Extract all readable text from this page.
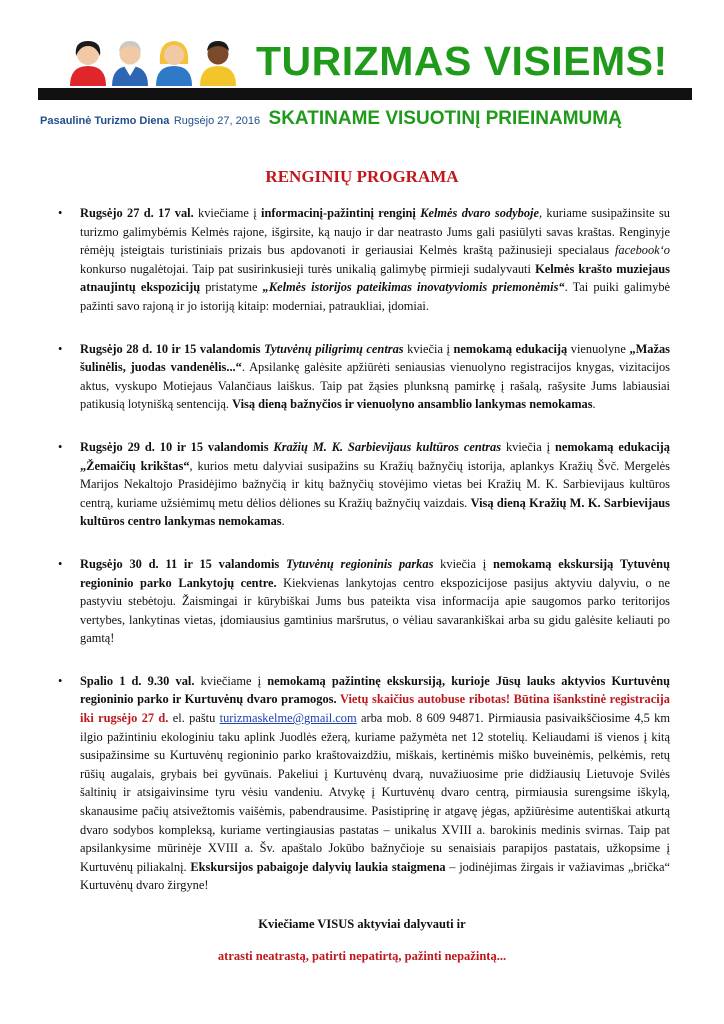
TURIZMAS VISIEMS!
Pasaulinė Turizmo Diena Rugsėjo 27, 2016 SKATINAME VISUOTINĮ PRIEINAMUMĄ
RENGINIŲ PROGRAMA
• Rugsėjo 27 d. 17 val. kviečiame į informacinį-pažintinį renginį Kelmės dvaro sodyboje, kuriame susipažinsite su turizmo galimybėmis Kelmės rajone, išgirsite, ką naujo ir dar neatrasto Jums gali pasiūlyti savas kraštas. Renginyje rėmėjų įsteigtais turistiniais prizais bus apdovanoti ir geriausiai Kelmės kraštą pažinusieji specialaus facebook‘o konkurso nugalėtojai. Taip pat susirinkusieji turės unikalią galimybę pirmieji sudalyvauti Kelmės krašto muziejaus atnaujintų ekspozicijų pristatyme „Kelmės istorijos pateikimas inovatyviomis priemonėmis“. Tai puiki galimybė pažinti savo rajoną ir jo istoriją kitaip: moderniai, patraukliai, įdomiai.
• Rugsėjo 28 d. 10 ir 15 valandomis Tytuvėnų piligrimų centras kviečia į nemokamą edukaciją vienuolyne „Mažas šulinėlis, juodas vandenėlis...“. Apsilankę galėsite apžiūrėti seniausias vienuolyno registracijos knygas, vizitacijos aktus, vyskupo Motiejaus Valančiaus laiškus. Taip pat žąsies plunksną pamirkę į rašalą, rašysite Jums labiausiai patikusią lotynišką sentenciją. Visą dieną bažnyčios ir vienuolyno ansamblio lankymas nemokamas.
• Rugsėjo 29 d. 10 ir 15 valandomis Kražių M. K. Sarbievijaus kultūros centras kviečia į nemokamą edukaciją „Žemaičių krikštas“, kurios metu dalyviai susipažins su Kražių bažnyčių istorija, aplankys Kražių Švč. Mergelės Marijos Nekaltojo Prasidėjimo bažnyčią ir kitų bažnyčių stovėjimo vietas bei Kražių M. K. Sarbievijaus kultūros centrą, kuriame užsiėmimų metu dėlios dėliones su Kražių bažnyčių vaizdais. Visą dieną Kražių M. K. Sarbievijaus kultūros centro lankymas nemokamas.
• Rugsėjo 30 d. 11 ir 15 valandomis Tytuvėnų regioninis parkas kviečia į nemokamą ekskursiją Tytuvėnų regioninio parko Lankytojų centre. Kiekvienas lankytojas centro ekspozicijose pasijus aktyviu dalyviu, o ne pastyviu stebėtoju. Žaismingai ir kūrybiškai Jums bus pateikta visa informacija apie saugomos parko teritorijos vertybes, lankytinas vietas, įdomiausius gamtinius maršrutus, o vėliau savarankiškai arba su gidu galėsite keliauti po gamtą!
• Spalio 1 d. 9.30 val. kviečiame į nemokamą pažintinę ekskursiją, kurioje Jūsų lauks aktyvios Kurtuvėnų regioninio parko ir Kurtuvėnų dvaro pramogos. Vietų skaičius autobuse ribotas! Būtina išankstinė registracija iki rugsėjo 27 d. el. paštu turizmaskelme@gmail.com arba mob. 8 609 94871. Pirmiausia pasivaikščiosime 4,5 km ilgio pažintiniu ekologiniu taku aplink Juodlės ežerą, kuriame pažymėta net 12 stotelių. Keliaudami iš vienos į kitą susipažinsime su Kurtuvėnų regioninio parko kraštovaizdžiu, miškais, kertinėmis miško buveinėmis, pelkėmis, retų rūšių augalais, grybais bei gyvūnais. Pakeliui į Kurtuvėnų dvarą, nuvažiuosime prie didžiausių Lietuvoje Svilės šaltinių ir atsigaivinsime tyru vėsiu vandeniu. Atvykę į Kurtuvėnų dvaro centrą, pirmiausia surengsime iškylą, skanausime pačių atsivežtomis vaišėmis, pabendrausime. Pasistiprinę ir atgavę jėgas, apžiūrėsime autentiškai atkurtą dvaro sodybos kompleksą, kuriame vertingiausias pastatas – unikalus XVIII a. barokinis medinis svirnas. Taip pat apsilankysime mūrinėje XVIII a. Šv. apaštalo Jokūbo bažnyčioje su senaisiais parapijos pastatais, užkopsime į Kurtuvėnų piliakalnį. Ekskursijos pabaigoje dalyvių laukia staigmena – jodinėjimas žirgais ir važiavimas „brička“ Kurtuvėnų dvaro žirgyne!
Kviečiame VISUS aktyviai dalyvauti ir
atrasti neatrastą, patirti nepatirtą, pažinti nepažintą...
